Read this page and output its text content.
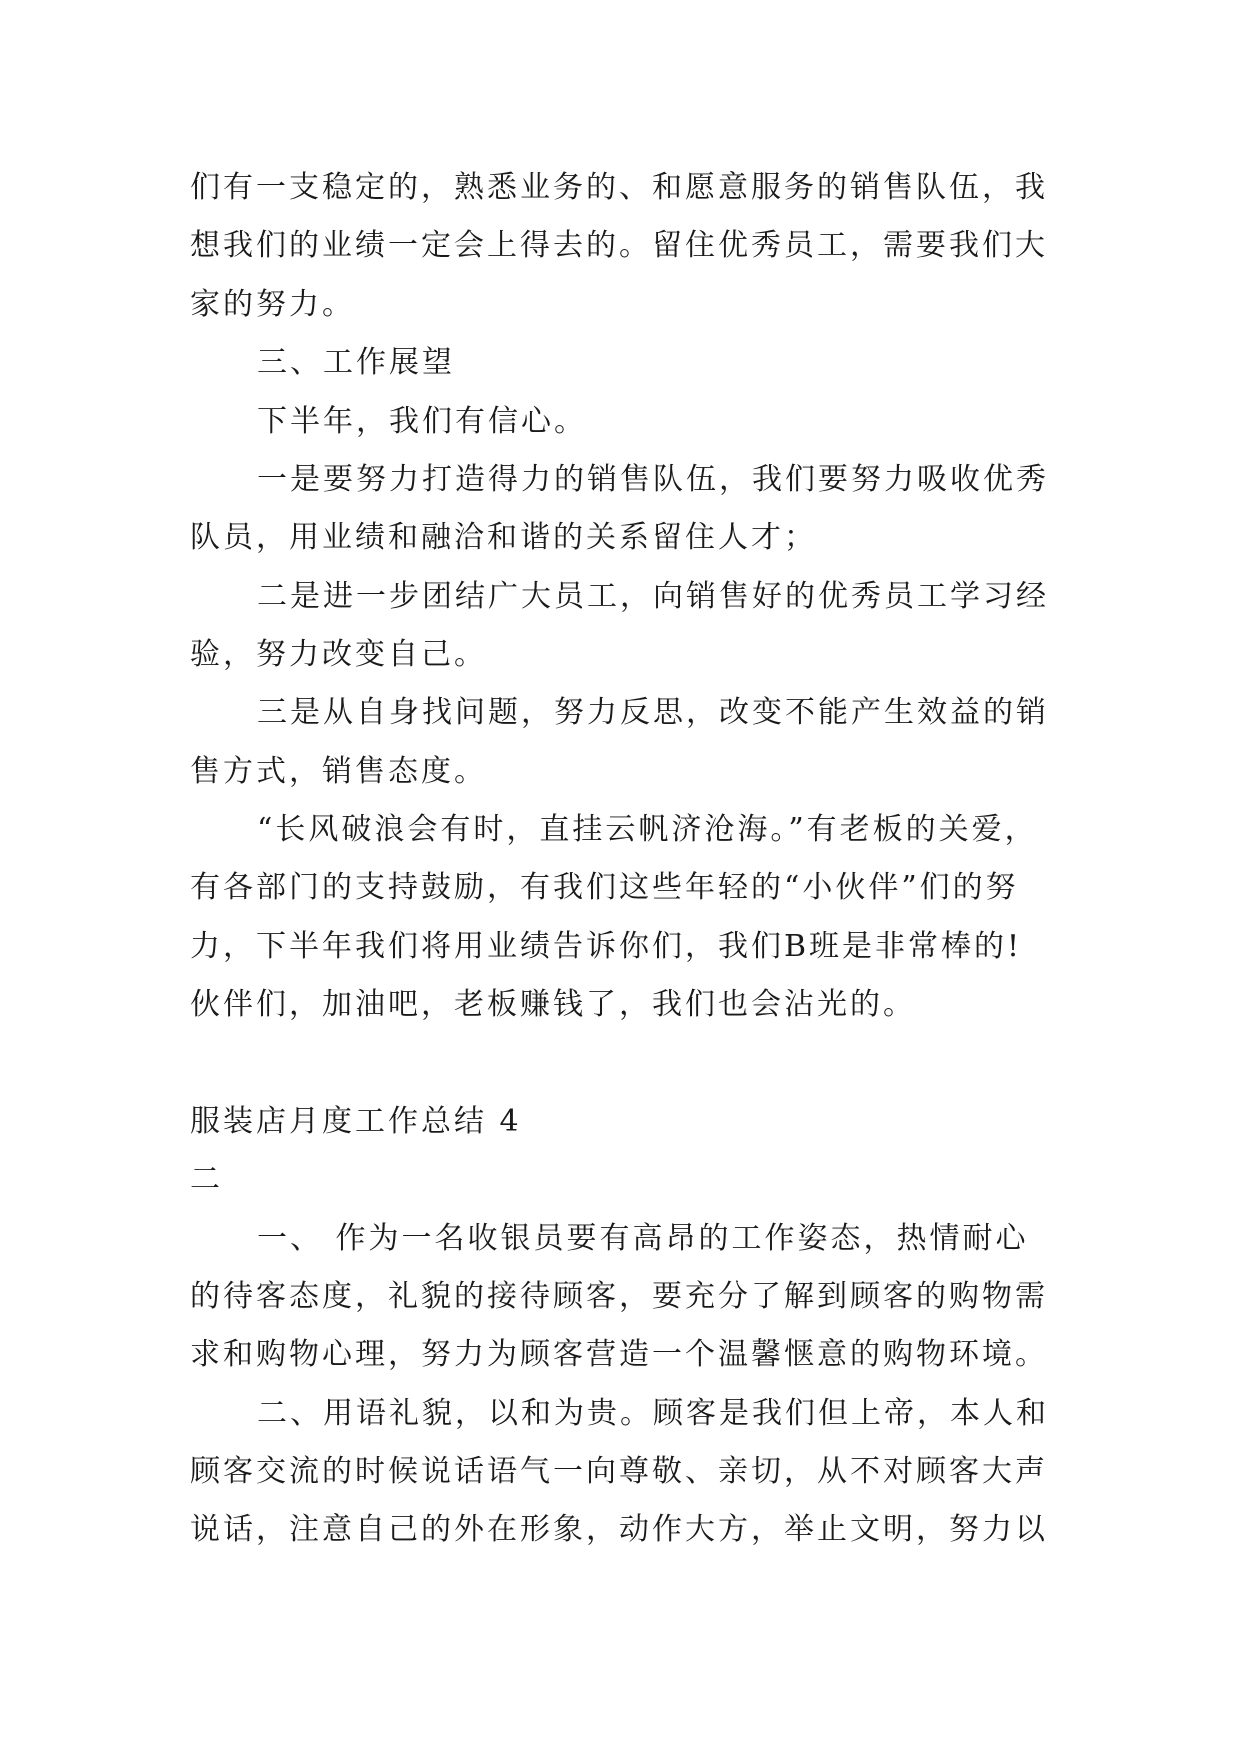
们有一支稳定的，熟悉业务的、和愿意服务的销售队伍，我
想我们的业绩一定会上得去的。留住优秀员工，需要我们大
家的努力。
三、工作展望
下半年，我们有信心。
一是要努力打造得力的销售队伍，我们要努力吸收优秀
队员，用业绩和融洽和谐的关系留住人才；
二是进一步团结广大员工，向销售好的优秀员工学习经
验，努力改变自己。
三是从自身找问题，努力反思，改变不能产生效益的销
售方式，销售态度。
“长风破浪会有时，直挂云帆济沧海。”有老板的关爱，
有各部门的支持鼓励，有我们这些年轻的“小伙伴”们的努
力，下半年我们将用业绩告诉你们，我们B班是非常棒的!
伙伴们，加油吧，老板赚钱了，我们也会沾光的。
服装店月度工作总结 4
二
一、 作为一名收银员要有高昂的工作姿态，热情耐心
的待客态度，礼貌的接待顾客，要充分了解到顾客的购物需
求和购物心理，努力为顾客营造一个温馨惬意的购物环境。
二、用语礼貌，以和为贵。顾客是我们但上帝，本人和
顾客交流的时候说话语气一向尊敬、亲切，从不对顾客大声
说话，注意自己的外在形象，动作大方，举止文明，努力以
